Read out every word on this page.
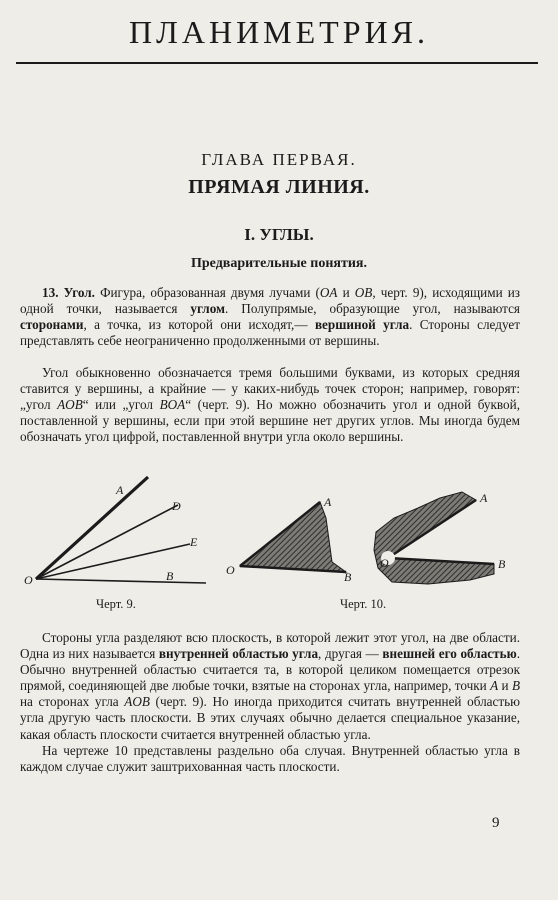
ПЛАНИМЕТРИЯ.
ГЛАВА ПЕРВАЯ.
ПРЯМАЯ ЛИНИЯ.
I. УГЛЫ.
Предварительные понятия.

13. Угол. Фигура, образованная двумя лучами (OA и OB, черт. 9), исходящими из одной точки, называется углом. Полупрямые, образующие угол, называются сторонами, а точка, из которой они исходят,— вершиной угла. Стороны следует представлять себе неограниченно продолженными от вершины.

Угол обыкновенно обозначается тремя большими буквами, из которых средняя ставится у вершины, а крайние — у каких-нибудь точек сторон; например, говорят: „угол AOB“ или „угол BOA“ (черт. 9). Но можно обозначить угол и одной буквой, поставленной у вершины, если при этой вершине нет других углов. Мы иногда будем обозначать угол цифрой, поставленной внутри угла около вершины.

A
D
E
O	B
A
O	B
A
O	B
Черт. 9.	Черт. 10.

Стороны угла разделяют всю плоскость, в которой лежит этот угол, на две области. Одна из них называется внутренней областью угла, другая — внешней его областью. Обычно внутренней областью считается та, в которой целиком помещается отрезок прямой, соединяющей две любые точки, взятые на сторонах угла, например, точки A и B на сторонах угла AOB (черт. 9). Но иногда приходится считать внутренней областью угла другую часть плоскости. В этих случаях обычно делается специальное указание, какая область плоскости считается внутренней областью угла.

На чертеже 10 представлены раздельно оба случая. Внутренней областью угла в каждом случае служит заштрихованная часть плоскости.

9
